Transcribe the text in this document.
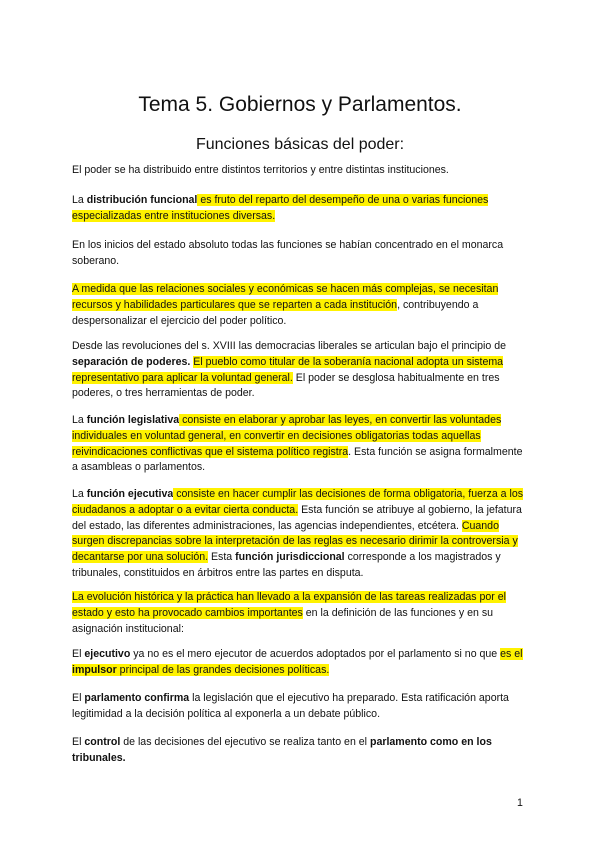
Tema 5. Gobiernos y Parlamentos.
Funciones básicas del poder:

El poder se ha distribuido entre distintos territorios y entre distintas instituciones.

La distribución funcional es fruto del reparto del desempeño de una o varias funciones especializadas entre instituciones diversas.

En los inicios del estado absoluto todas las funciones se habían concentrado en el monarca soberano.

A medida que las relaciones sociales y económicas se hacen más complejas, se necesitan recursos y habilidades particulares que se reparten a cada institución, contribuyendo a despersonalizar el ejercicio del poder político.

Desde las revoluciones del s. XVIII las democracias liberales se articulan bajo el principio de separación de poderes. El pueblo como titular de la soberanía nacional adopta un sistema representativo para aplicar la voluntad general. El poder se desglosa habitualmente en tres poderes, o tres herramientas de poder.

La función legislativa consiste en elaborar y aprobar las leyes, en convertir las voluntades individuales en voluntad general, en convertir en decisiones obligatorias todas aquellas reivindicaciones conflictivas que el sistema político registra. Esta función se asigna formalmente a asambleas o parlamentos.

La función ejecutiva consiste en hacer cumplir las decisiones de forma obligatoria, fuerza a los ciudadanos a adoptar o a evitar cierta conducta. Esta función se atribuye al gobierno, la jefatura del estado, las diferentes administraciones, las agencias independientes, etcétera. Cuando surgen discrepancias sobre la interpretación de las reglas es necesario dirimir la controversia y decantarse por una solución. Esta función jurisdiccional corresponde a los magistrados y tribunales, constituidos en árbitros entre las partes en disputa.

La evolución histórica y la práctica han llevado a la expansión de las tareas realizadas por el estado y esto ha provocado cambios importantes en la definición de las funciones y en su asignación institucional:

El ejecutivo ya no es el mero ejecutor de acuerdos adoptados por el parlamento si no que es el impulsor principal de las grandes decisiones políticas.

El parlamento confirma la legislación que el ejecutivo ha preparado. Esta ratificación aporta legitimidad a la decisión política al exponerla a un debate público.

El control de las decisiones del ejecutivo se realiza tanto en el parlamento como en los tribunales.

1
